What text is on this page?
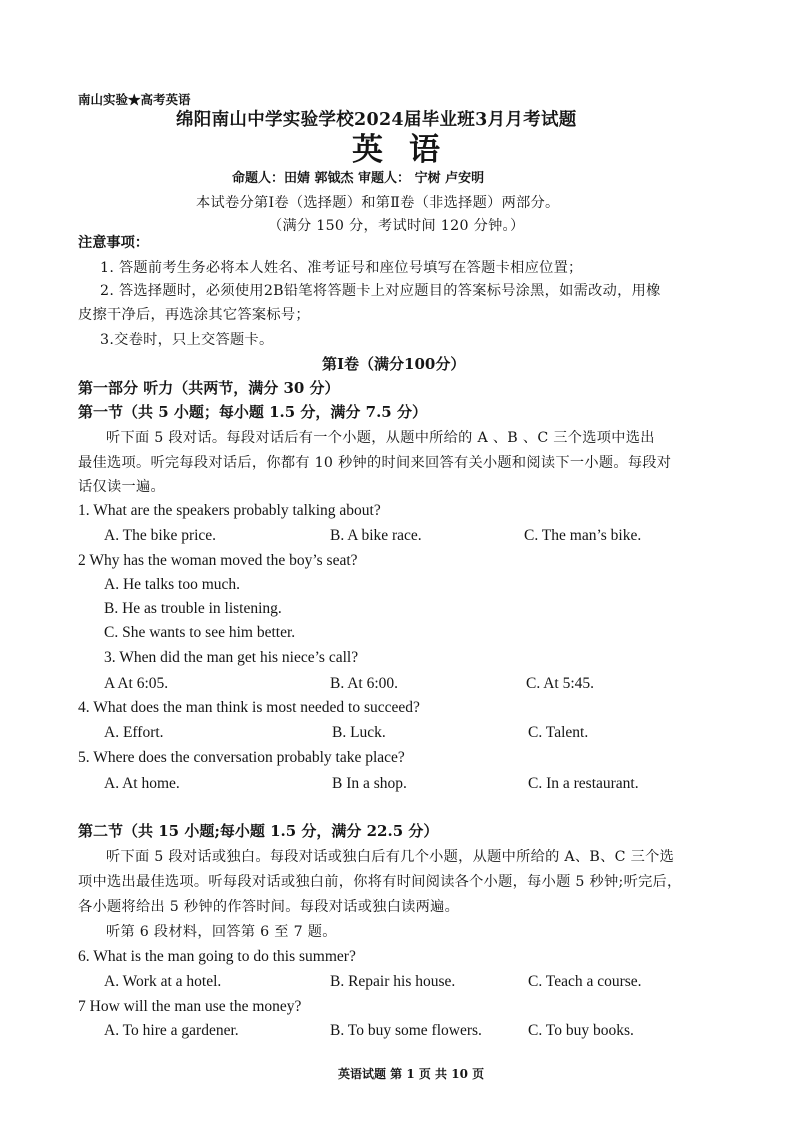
南山实验★高考英语
绵阳南山中学实验学校2024届毕业班3月月考试题
英语
命题人：田婧 郭钺杰 审题人： 宁树 卢安明
本试卷分第Ⅰ卷（选择题）和第Ⅱ卷（非选择题）两部分。
（满分 150 分，考试时间 120 分钟。）
注意事项：
1. 答题前考生务必将本人姓名、准考证号和座位号填写在答题卡相应位置；
2. 答选择题时，必须使用2B铅笔将答题卡上对应题目的答案标号涂黑，如需改动，用橡
皮擦干净后，再选涂其它答案标号；
3.交卷时，只上交答题卡。
第Ⅰ卷（满分100分）
第一部分 听力（共两节，满分 30 分）
第一节（共 5 小题；每小题 1.5 分，满分 7.5 分）
听下面 5 段对话。每段对话后有一个小题，从题中所给的 A 、B 、C 三个选项中选出
最佳选项。听完每段对话后，你都有 10 秒钟的时间来回答有关小题和阅读下一小题。每段对
话仅读一遍。
1. What are the speakers probably talking about?
A. The bike price.	B. A bike race.	C. The man’s bike.
2 Why has the woman moved the boy’s seat?
A. He talks too much.
B. He as trouble in listening.
C. She wants to see him better.
3. When did the man get his niece’s call?
A At 6:05.	B. At 6:00.	C. At 5:45.
4. What does the man think is most needed to succeed?
A. Effort.	B. Luck.	C. Talent.
5. Where does the conversation probably take place?
A. At home.	B In a shop.	C. In a restaurant.
第二节（共 15 小题;每小题 1.5 分，满分 22.5 分）
听下面 5 段对话或独白。每段对话或独白后有几个小题，从题中所给的 A、B、C 三个选
项中选出最佳选项。听每段对话或独白前，你将有时间阅读各个小题，每小题 5 秒钟;听完后，
各小题将给出 5 秒钟的作答时间。每段对话或独白读两遍。
听第 6 段材料，回答第 6 至 7 题。
6. What is the man going to do this summer?
A. Work at a hotel.	B. Repair his house.	C. Teach a course.
7 How will the man use the money?
A. To hire a gardener.	B. To buy some flowers.	C. To buy books.
英语试题 第 1 页 共 10 页
